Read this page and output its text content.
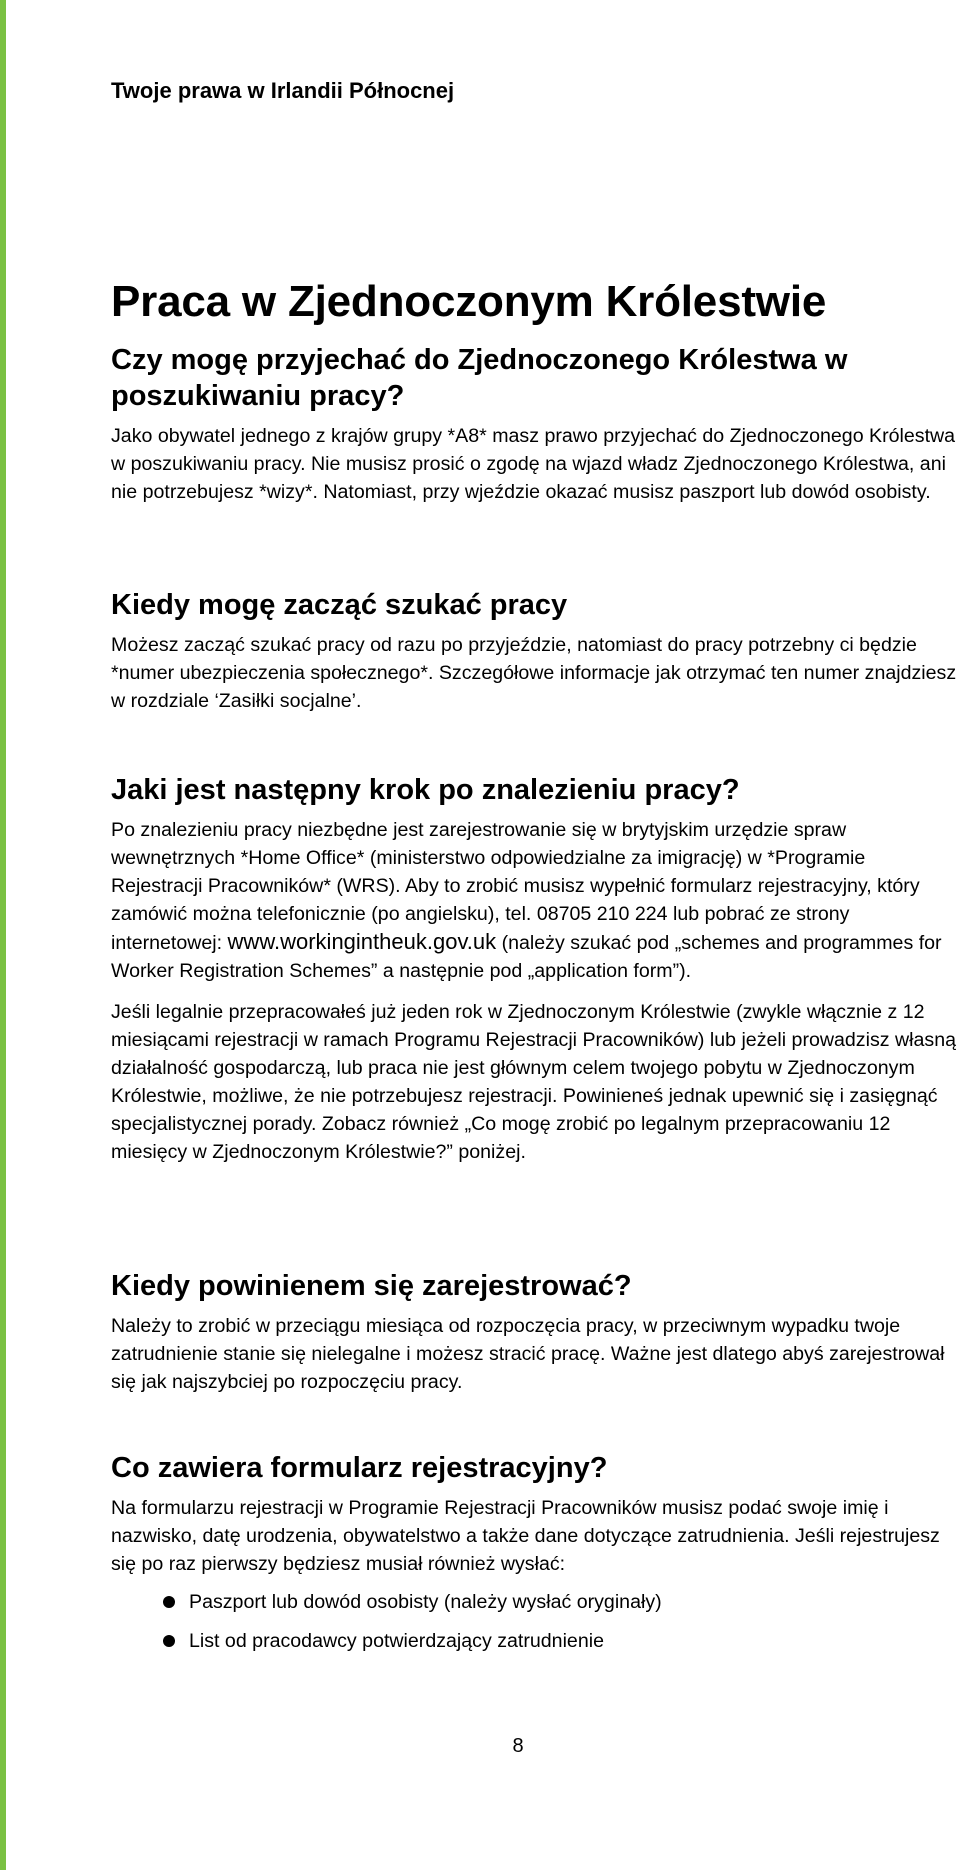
Twoje prawa w Irlandii Północnej
Praca w Zjednoczonym Królestwie
Czy mogę przyjechać do Zjednoczonego Królestwa w poszukiwaniu pracy?

Jako obywatel jednego z krajów grupy *A8* masz prawo przyjechać do Zjednoczonego Królestwa w poszukiwaniu pracy. Nie musisz prosić o zgodę na wjazd władz Zjednoczonego Królestwa, ani nie potrzebujesz *wizy*. Natomiast, przy wjeździe okazać musisz paszport lub dowód osobisty.

Kiedy mogę zacząć szukać pracy

Możesz zacząć szukać pracy od razu po przyjeździe, natomiast do pracy potrzebny ci będzie *numer ubezpieczenia społecznego*. Szczegółowe informacje jak otrzymać ten numer znajdziesz w rozdziale ‘Zasiłki socjalne’.

Jaki jest następny krok po znalezieniu pracy?

Po znalezieniu pracy niezbędne jest zarejestrowanie się w brytyjskim urzędzie spraw wewnętrznych *Home Office* (ministerstwo odpowiedzialne za imigrację) w *Programie Rejestracji Pracowników* (WRS). Aby to zrobić musisz wypełnić formularz rejestracyjny, który zamówić można telefonicznie (po angielsku), tel. 08705 210 224 lub pobrać ze strony internetowej: www.workingintheuk.gov.uk (należy szukać pod „schemes and programmes for Worker Registration Schemes” a następnie pod „application form”).

Jeśli legalnie przepracowałeś już jeden rok w Zjednoczonym Królestwie (zwykle włącznie z 12 miesiącami rejestracji w ramach Programu Rejestracji Pracowników) lub jeżeli prowadzisz własną działalność gospodarczą, lub praca nie jest głównym celem twojego pobytu w Zjednoczonym Królestwie, możliwe, że nie potrzebujesz rejestracji. Powinieneś jednak upewnić się i zasięgnąć specjalistycznej porady. Zobacz również „Co mogę zrobić po legalnym przepracowaniu 12 miesięcy w Zjednoczonym Królestwie?” poniżej.

Kiedy powinienem się zarejestrować?

Należy to zrobić w przeciągu miesiąca od rozpoczęcia pracy, w przeciwnym wypadku twoje zatrudnienie stanie się nielegalne i możesz stracić pracę. Ważne jest dlatego abyś zarejestrował się jak najszybciej po rozpoczęciu pracy.

Co zawiera formularz rejestracyjny?

Na formularzu rejestracji w Programie Rejestracji Pracowników musisz podać swoje imię i nazwisko, datę urodzenia, obywatelstwo a także dane dotyczące zatrudnienia. Jeśli rejestrujesz się po raz pierwszy będziesz musiał również wysłać:

Paszport lub dowód osobisty (należy wysłać oryginały)
List od pracodawcy potwierdzający zatrudnienie
8
